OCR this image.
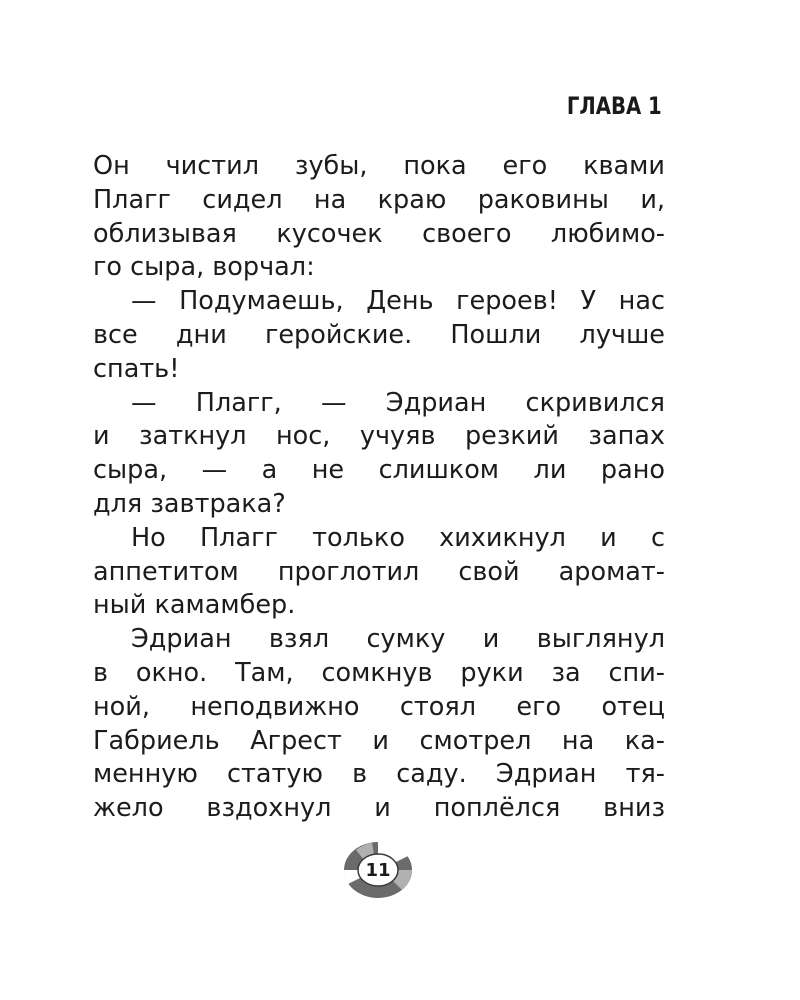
ГЛАВА 1

Он чистил зубы, пока его квами
Плагг сидел на краю раковины и,
облизывая кусочек своего любимо-
го сыра, ворчал:

— Подумаешь, День героев! У нас
все дни геройские. Пошли лучше
спать!

— Плагг, — Эдриан скривился
и заткнул нос, учуяв резкий запах
сыра, — а не слишком ли рано
для завтрака?

Но Плагг только хихикнул и с
аппетитом проглотил свой аромат-
ный камамбер.

Эдриан взял сумку и выглянул
в окно. Там, сомкнув руки за спи-
ной, неподвижно стоял его отец
Габриель Агрест и смотрел на ка-
менную статую в саду. Эдриан тя-
жело вздохнул и поплёлся вниз

11
